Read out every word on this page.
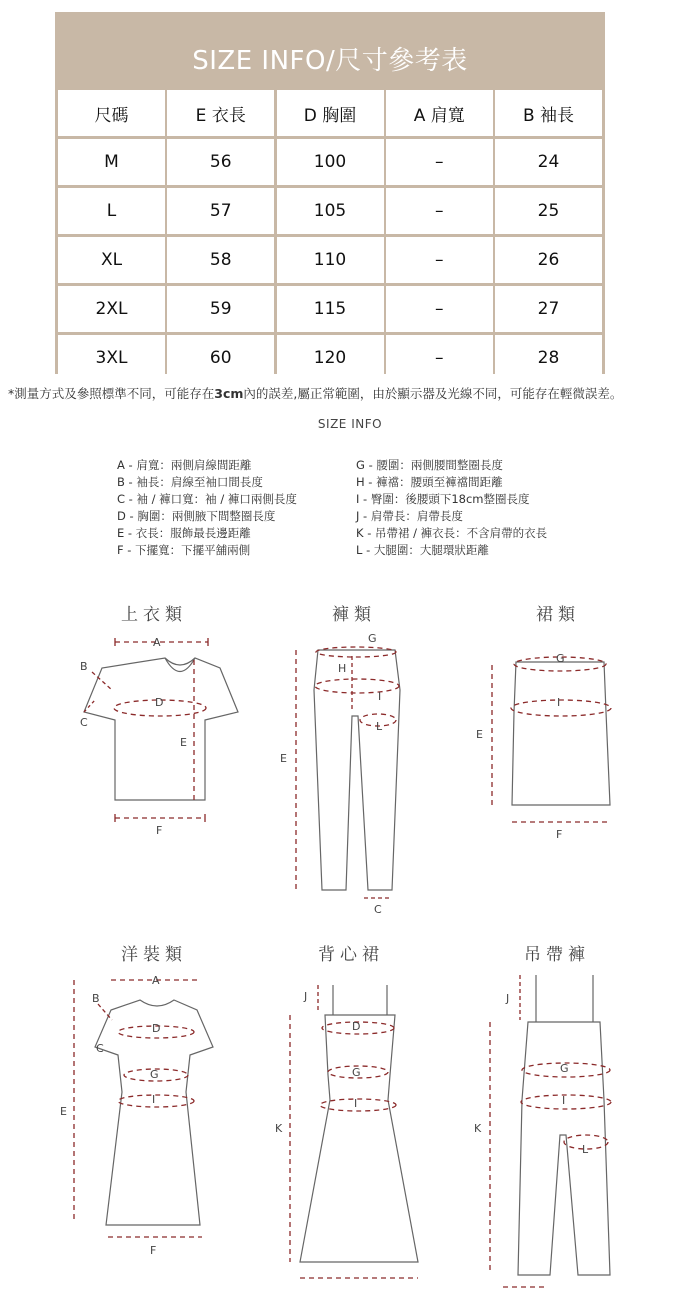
SIZE INFO/尺寸參考表
尺碼	E 衣長	D 胸圍	A 肩寬	B 袖長
M	56	100	–	24
L	57	105	–	25
XL	58	110	–	26
2XL	59	115	–	27
3XL	60	120	–	28
*測量方式及參照標準不同，可能存在3cm內的誤差,屬正常範圍，由於顯示器及光線不同，可能存在輕微誤差。
SIZE INFO
A - 肩寬：兩側肩線間距離
B - 袖長：肩線至袖口間長度
C - 袖 / 褲口寬：袖 / 褲口兩側長度
D - 胸圍：兩側腋下間整圈長度
E - 衣長：服飾最長邊距離
F - 下擺寬：下擺平舖兩側
G - 腰圍：兩側腰間整圈長度
H - 褲襠：腰頭至褲襠間距離
I - 臀圍：後腰頭下18cm整圈長度
J - 肩帶長：肩帶長度
K - 吊帶裙 / 褲衣長：不含肩帶的衣長
L - 大腿圍：大腿環狀距離
上衣類	褲類	裙類
洋裝類	背心裙	吊帶褲
A
B
C
D
E
F
G
H
I
L
E
C
G
I
E
F
A
B
C
D
G
I
E
F
J
D
G
I
K
J
G
I
L
K
